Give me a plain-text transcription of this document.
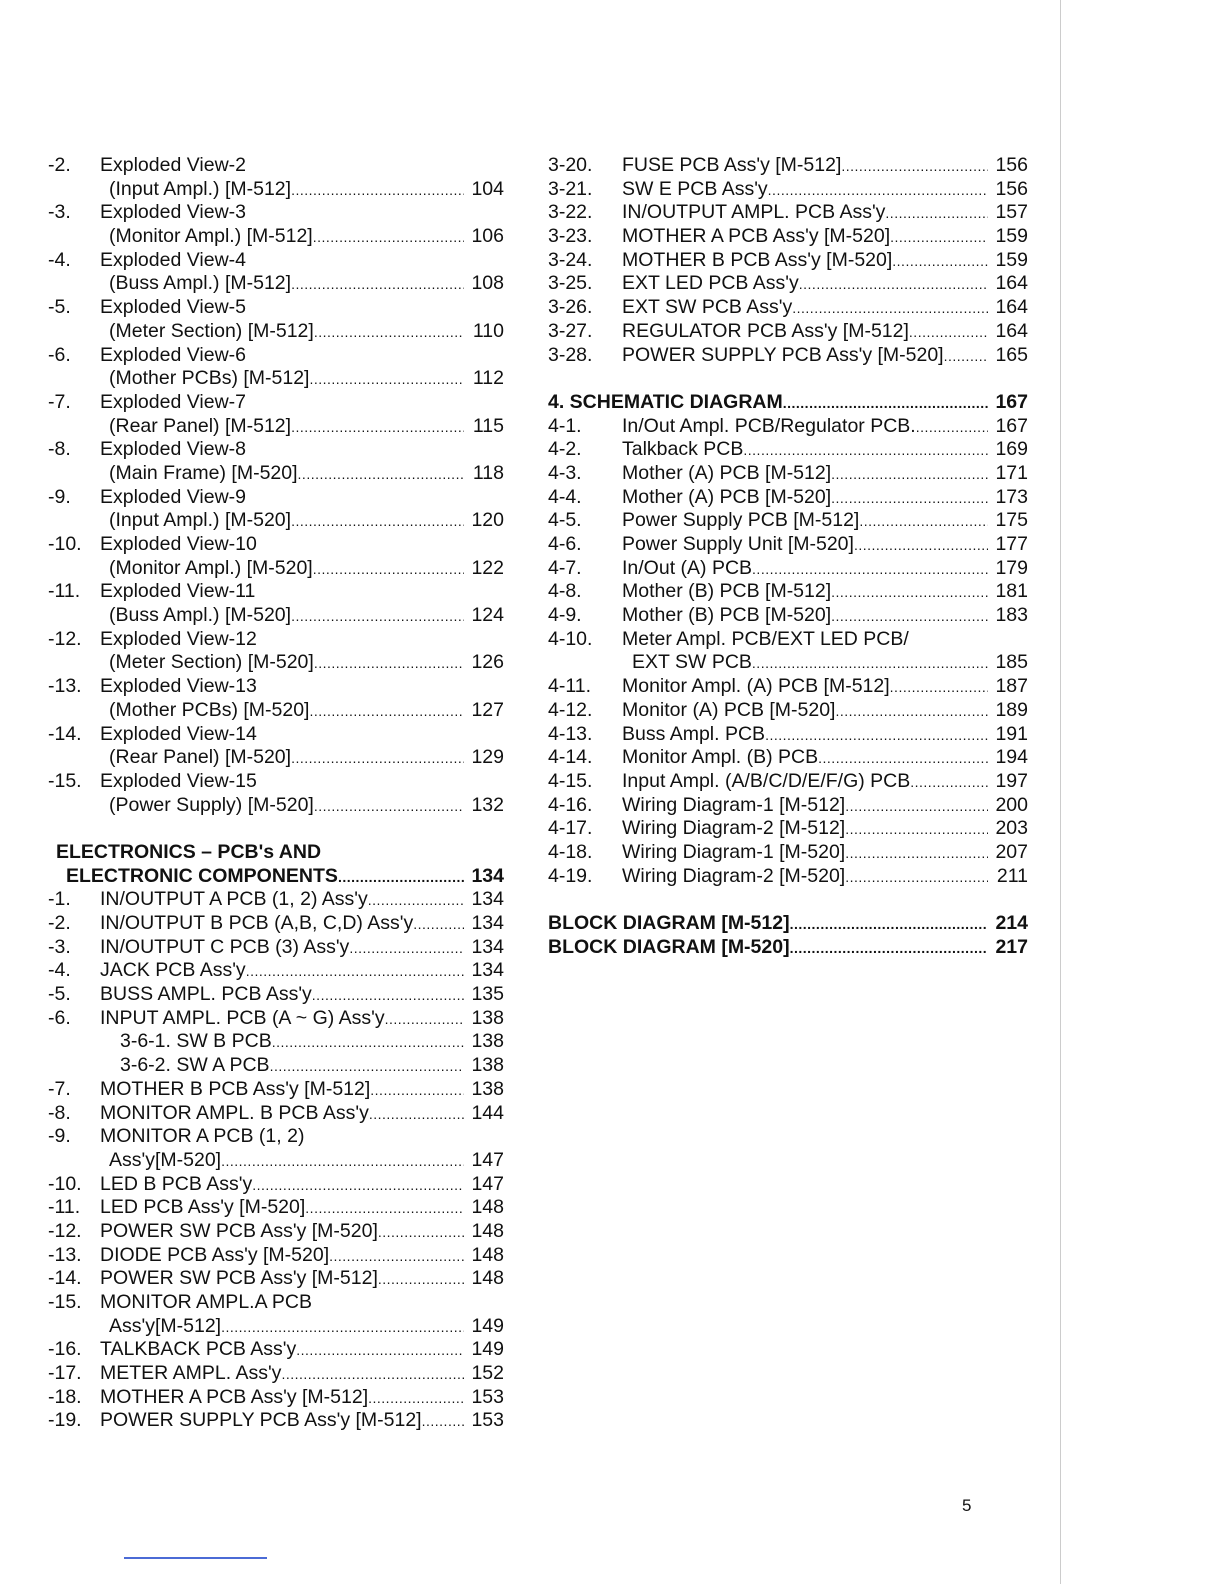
-2. Exploded View-2
(Input Ampl.) [M-512] .....	104
-3. Exploded View-3
(Monitor Ampl.) [M-512] .....	106
-4. Exploded View-4
(Buss Ampl.) [M-512] .....	108
-5. Exploded View-5
(Meter Section) [M-512] .....	110
-6. Exploded View-6
(Mother PCBs) [M-512] .....	112
-7. Exploded View-7
(Rear Panel) [M-512] .....	115
-8. Exploded View-8
(Main Frame) [M-520] .....	118
-9. Exploded View-9
(Input Ampl.) [M-520] .....	120
-10. Exploded View-10
(Monitor Ampl.) [M-520] .....	122
-11. Exploded View-11
(Buss Ampl.) [M-520] .....	124
-12. Exploded View-12
(Meter Section) [M-520] .....	126
-13. Exploded View-13
(Mother PCBs) [M-520] .....	127
-14. Exploded View-14
(Rear Panel) [M-520] .....	129
-15. Exploded View-15
(Power Supply) [M-520] .....	132
ELECTRONICS – PCB's AND
ELECTRONIC COMPONENTS .....	134
-1. IN/OUTPUT A PCB (1, 2) Ass'y .....	134
-2. IN/OUTPUT B PCB (A,B, C,D) Ass'y .....	134
-3. IN/OUTPUT C PCB (3) Ass'y .....	134
-4. JACK PCB Ass'y .....	134
-5. BUSS AMPL. PCB Ass'y .....	135
-6. INPUT AMPL. PCB (A ~ G) Ass'y .....	138
3-6-1. SW B PCB .....	138
3-6-2. SW A PCB .....	138
-7. MOTHER B PCB Ass'y [M-512] .....	138
-8. MONITOR AMPL. B PCB Ass'y .....	144
-9. MONITOR A PCB (1, 2)
Ass'y[M-520] .....	147
-10. LED B PCB Ass'y .....	147
-11. LED PCB Ass'y [M-520] .....	148
-12. POWER SW PCB Ass'y [M-520] .....	148
-13. DIODE PCB Ass'y [M-520] .....	148
-14. POWER SW PCB Ass'y [M-512] .....	148
-15. MONITOR AMPL.A PCB
Ass'y[M-512] .....	149
-16. TALKBACK PCB Ass'y .....	149
-17. METER AMPL. Ass'y .....	152
-18. MOTHER A PCB Ass'y [M-512] .....	153
-19. POWER SUPPLY PCB Ass'y [M-512] .....	153
3-20. FUSE PCB Ass'y [M-512] .....	156
3-21. SW E PCB Ass'y .....	156
3-22. IN/OUTPUT AMPL. PCB Ass'y .....	157
3-23. MOTHER A PCB Ass'y [M-520] .....	159
3-24. MOTHER B PCB Ass'y [M-520] .....	159
3-25. EXT LED PCB Ass'y .....	164
3-26. EXT SW PCB Ass'y .....	164
3-27. REGULATOR PCB Ass'y [M-512] .....	164
3-28. POWER SUPPLY PCB Ass'y [M-520] .....	165
4. SCHEMATIC DIAGRAM .....	167
4-1. In/Out Ampl. PCB/Regulator PCB. .....	167
4-2. Talkback PCB .....	169
4-3. Mother (A) PCB [M-512] .....	171
4-4. Mother (A) PCB [M-520] .....	173
4-5. Power Supply PCB [M-512] .....	175
4-6. Power Supply Unit [M-520] .....	177
4-7. In/Out (A) PCB .....	179
4-8. Mother (B) PCB [M-512] .....	181
4-9. Mother (B) PCB [M-520] .....	183
4-10. Meter Ampl. PCB/EXT LED PCB/
EXT SW PCB .....	185
4-11. Monitor Ampl. (A) PCB [M-512] .....	187
4-12. Monitor (A) PCB [M-520] .....	189
4-13. Buss Ampl. PCB .....	191
4-14. Monitor Ampl. (B) PCB .....	194
4-15. Input Ampl. (A/B/C/D/E/F/G) PCB .....	197
4-16. Wiring Diagram-1 [M-512] .....	200
4-17. Wiring Diagram-2 [M-512] .....	203
4-18. Wiring Diagram-1 [M-520] .....	207
4-19. Wiring Diagram-2 [M-520] .....	211
BLOCK DIAGRAM [M-512] .....	214
BLOCK DIAGRAM [M-520] .....	217
5
